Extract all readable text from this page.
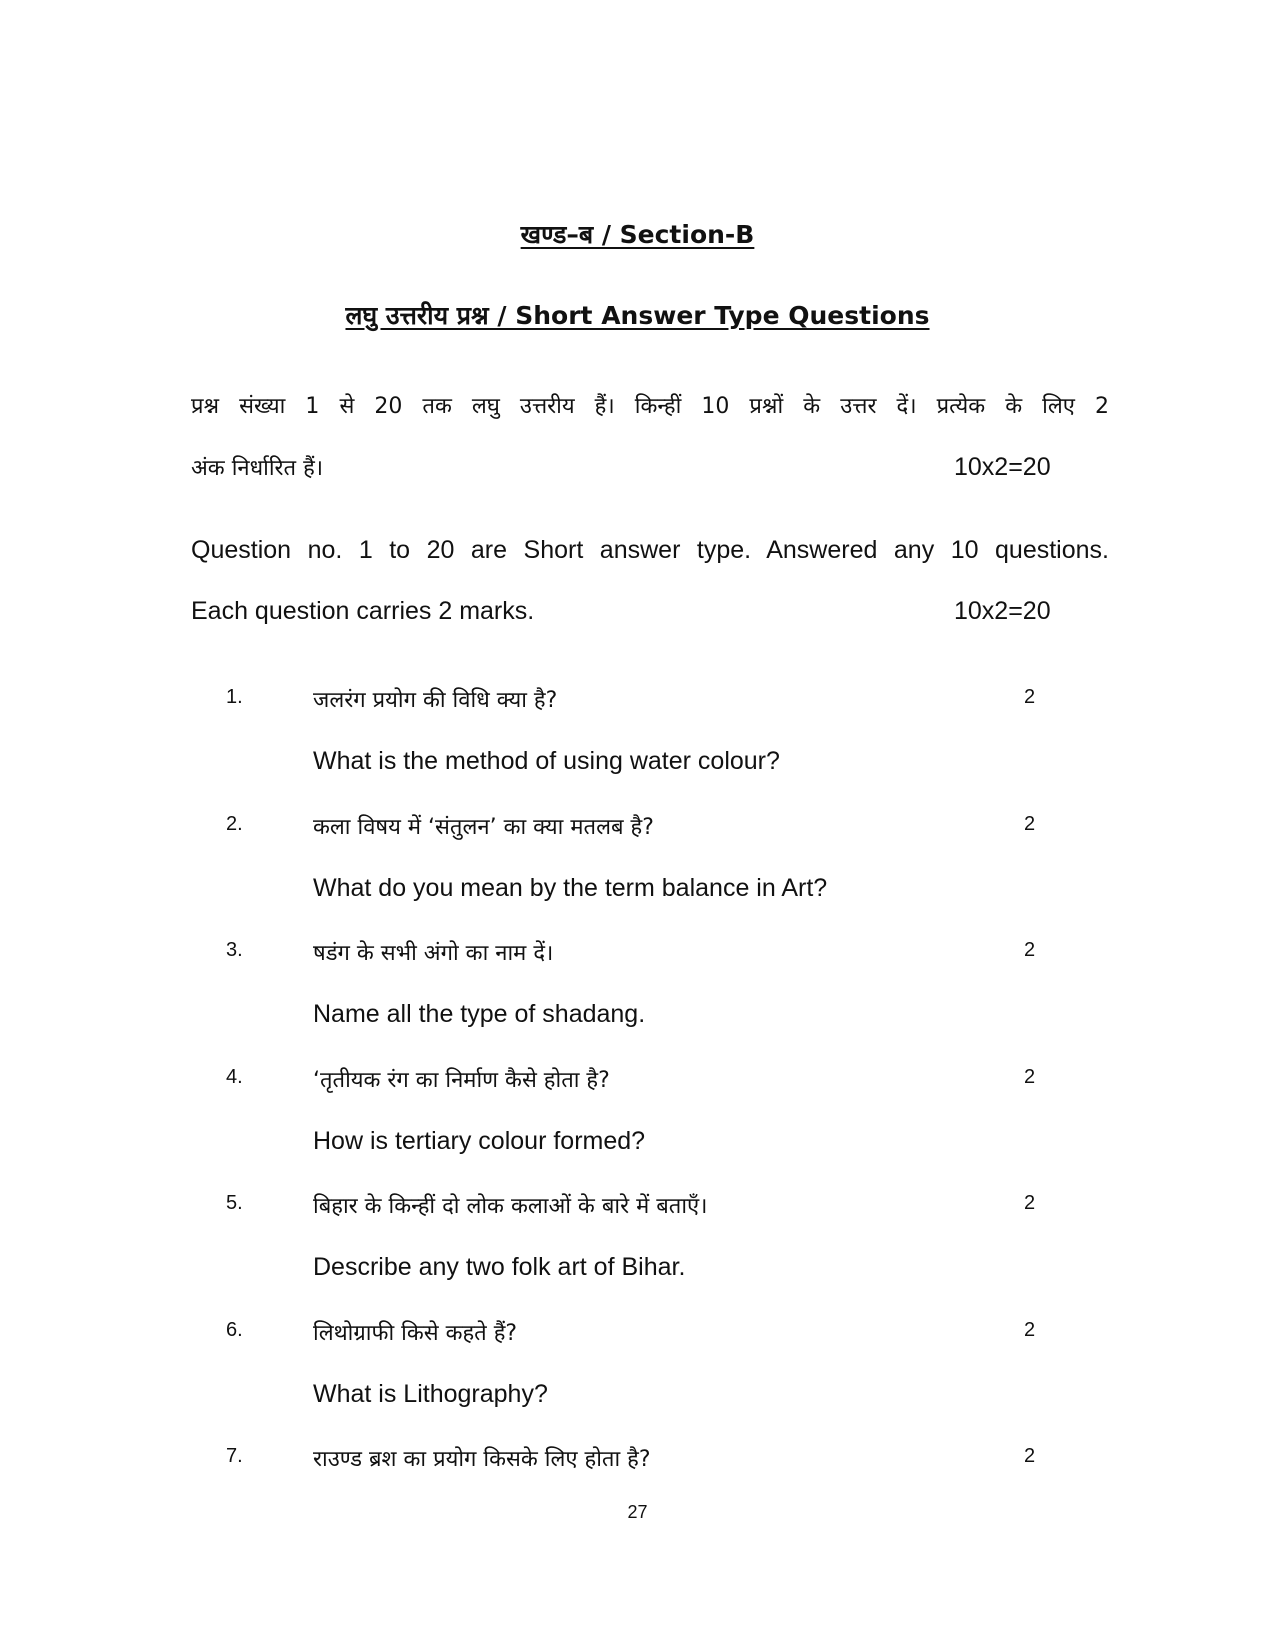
खण्ड–ब / Section-B
लघु उत्तरीय प्रश्न / Short Answer Type Questions
प्रश्न संख्या 1 से 20 तक लघु उत्तरीय हैं। किन्हीं 10 प्रश्नों के उत्तर दें। प्रत्येक के लिए 2
अंक निर्धारित हैं।	10x2=20
Question no. 1 to 20 are Short answer type. Answered any 10 questions.
Each question carries 2 marks.	10x2=20
1.	जलरंग प्रयोग की विधि क्या है?	2
What is the method of using water colour?
2.	कला विषय में ‘संतुलन’ का क्या मतलब है?	2
What do you mean by the term balance in Art?
3.	षडंग के सभी अंगो का नाम दें।	2
Name all the type of shadang.
4.	‘तृतीयक रंग का निर्माण कैसे होता है?	2
How is tertiary colour formed?
5.	बिहार के किन्हीं दो लोक कलाओं के बारे में बताएँ।	2
Describe any two folk art of Bihar.
6.	लिथोग्राफी किसे कहते हैं?	2
What is Lithography?
7.	राउण्ड ब्रश का प्रयोग किसके लिए होता है?	2
27
